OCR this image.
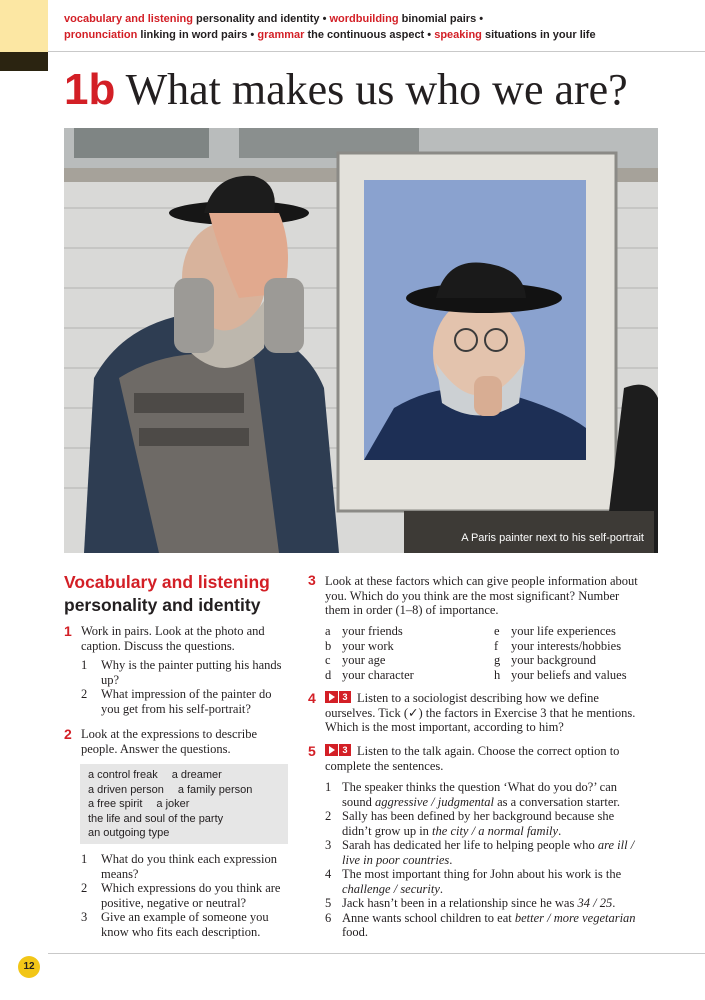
vocabulary and listening personality and identity • wordbuilding binomial pairs •
pronunciation linking in word pairs • grammar the continuous aspect • speaking situations in your life
1b What makes us who we are?
A Paris painter next to his self-portrait
Vocabulary and listening
personality and identity
1 Work in pairs. Look at the photo and caption. Discuss the questions.
1	Why is the painter putting his hands up?
2	What impression of the painter do you get from his self-portrait?
2 Look at the expressions to describe people. Answer the questions.
a control freak a dreamer
a driven person a family person
a free spirit a joker
the life and soul of the party
an outgoing type
1	What do you think each expression means?
2	Which expressions do you think are positive, negative or neutral?
3	Give an example of someone you know who fits each description.
3 Look at these factors which can give people information about you. Which do you think are the most significant? Number them in order (1–8) of importance.
a your friends
b your work
c your age
d your character
e your life experiences
f your interests/hobbies
g your background
h your beliefs and values
4	3 Listen to a sociologist describing how we define ourselves. Tick (✓) the factors in Exercise 3 that he mentions. Which is the most important, according to him?
5	3 Listen to the talk again. Choose the correct option to complete the sentences.
1 The speaker thinks the question ‘What do you do?’ can sound aggressive / judgmental as a conversation starter.
2 Sally has been defined by her background because she didn’t grow up in the city / a normal family.
3 Sarah has dedicated her life to helping people who are ill / live in poor countries.
4 The most important thing for John about his work is the challenge / security.
5 Jack hasn’t been in a relationship since he was 34 / 25.
6 Anne wants school children to eat better / more vegetarian food.
12
